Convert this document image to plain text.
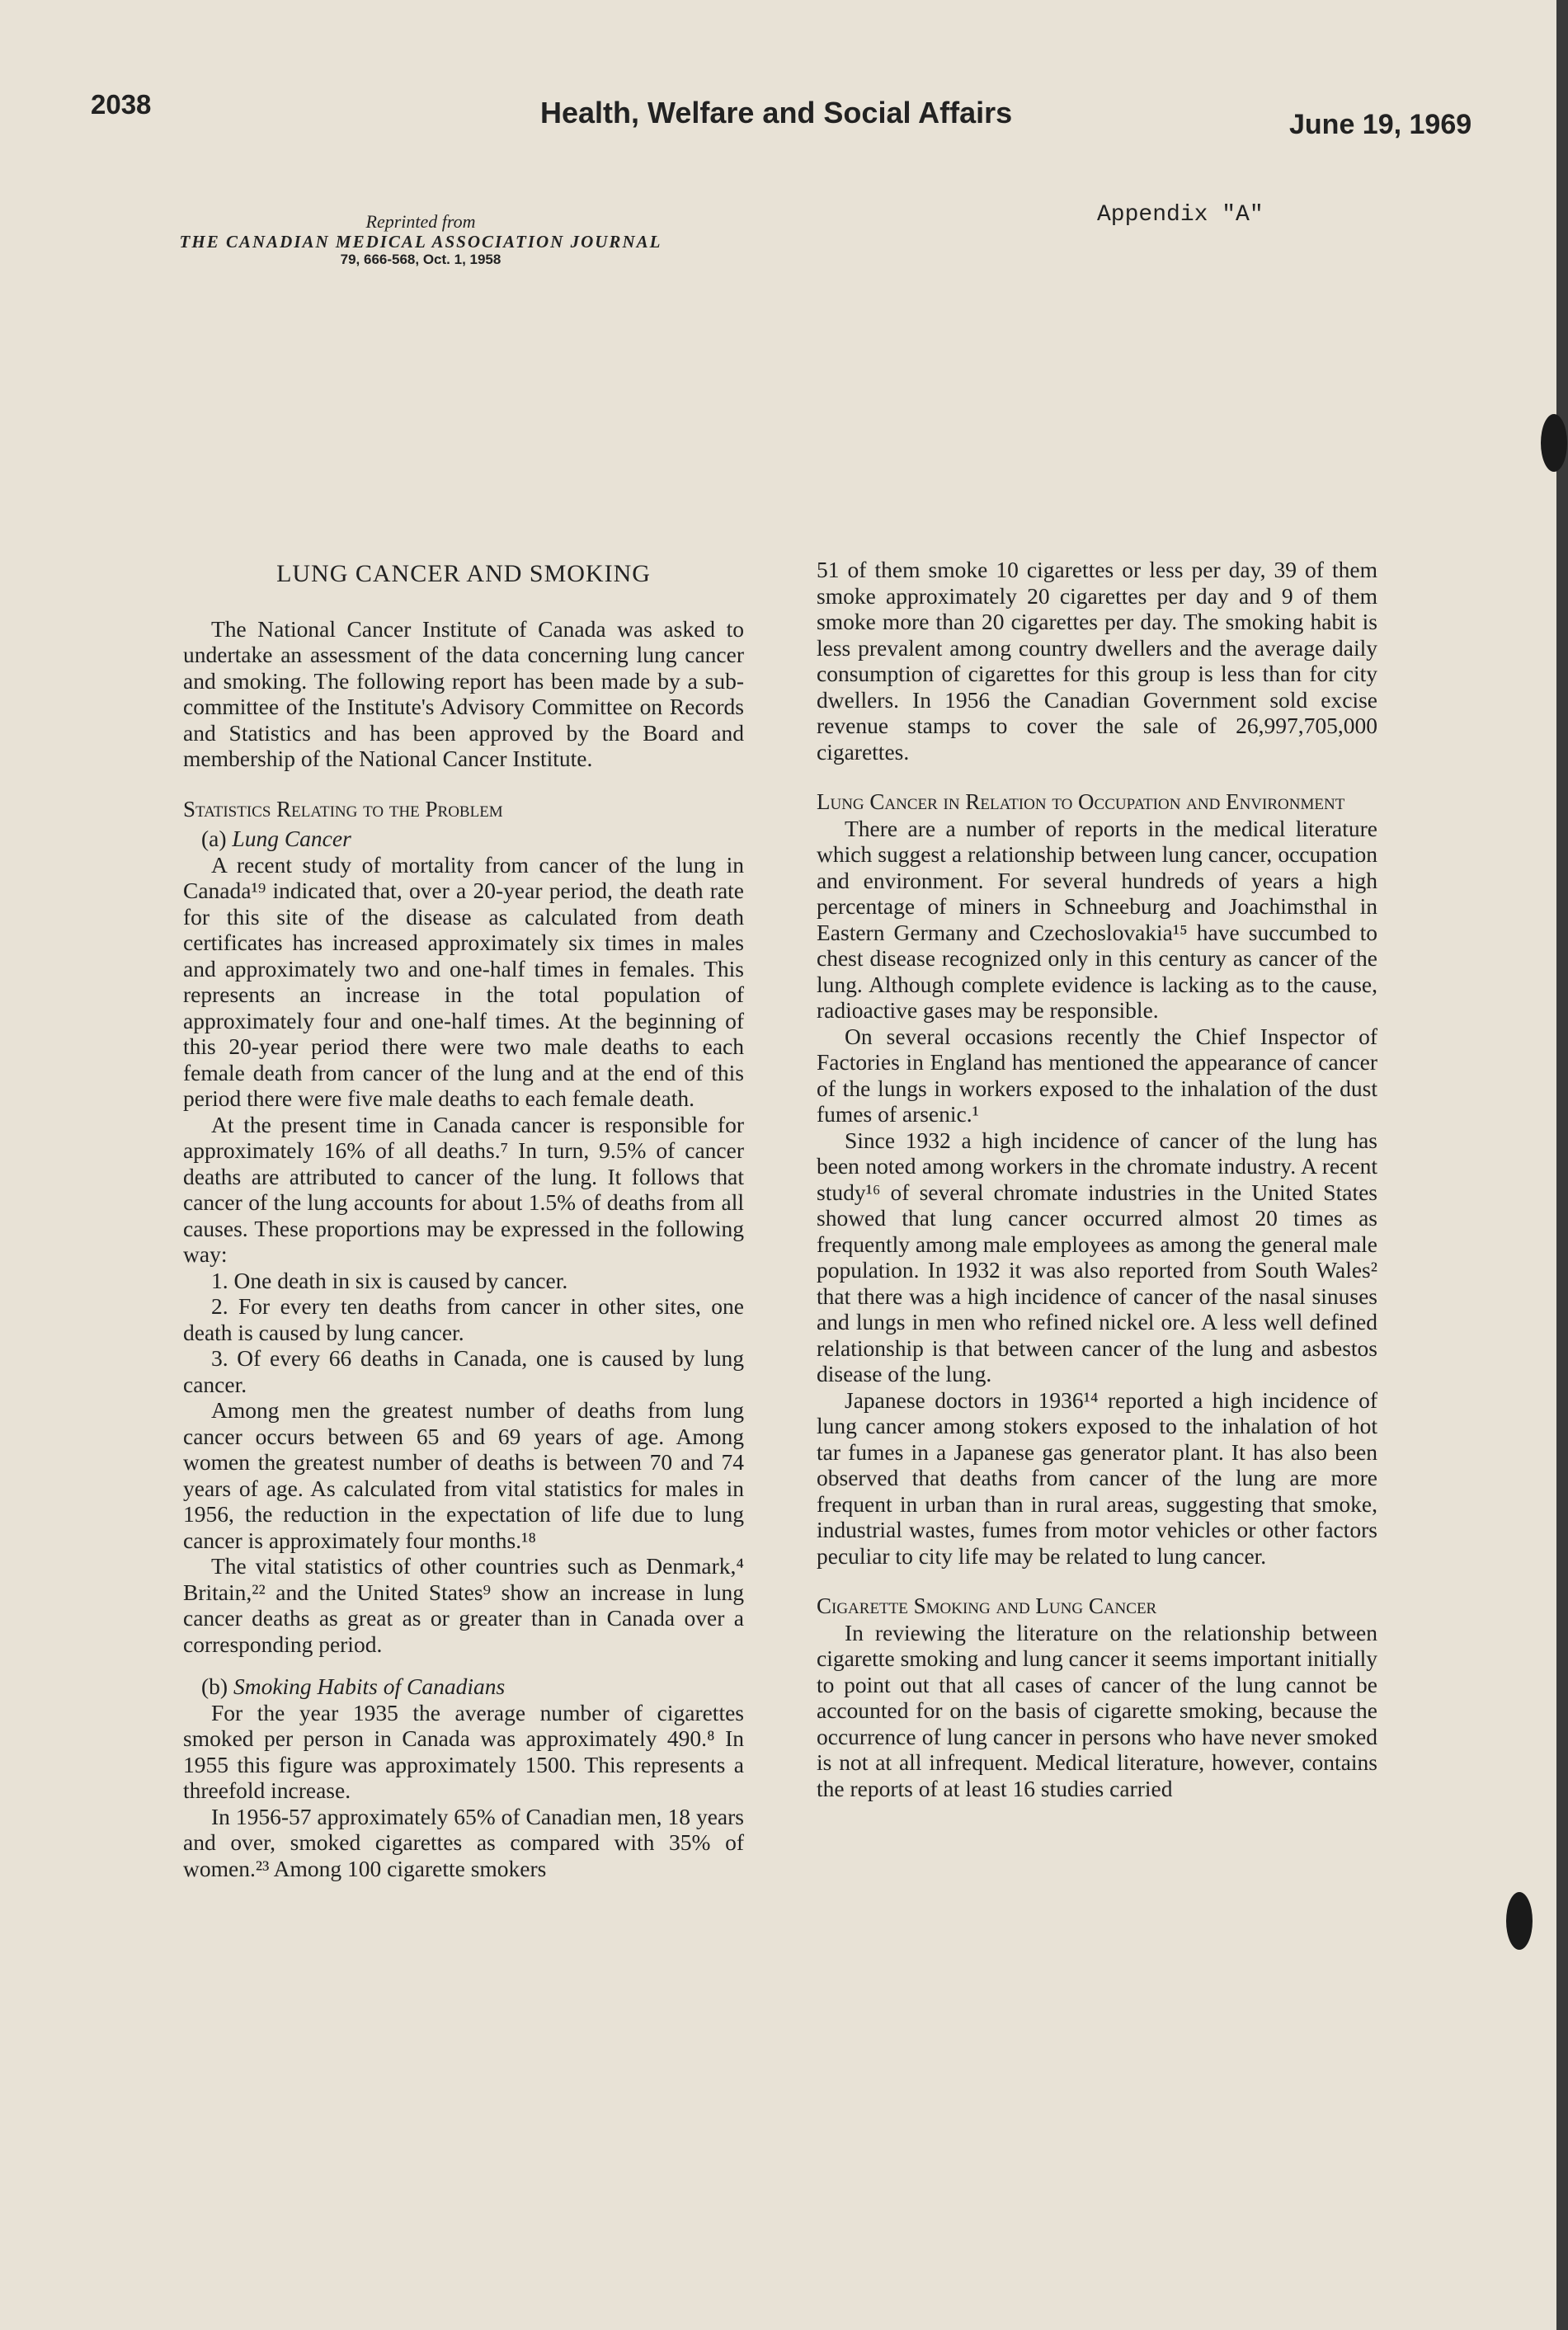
2038	Health, Welfare and Social Affairs	June 19, 1969
Reprinted from
THE CANADIAN MEDICAL ASSOCIATION JOURNAL
79, 666-568, Oct. 1, 1958
Appendix "A"

LUNG CANCER AND SMOKING

The National Cancer Institute of Canada was asked to undertake an assessment of the data concerning lung cancer and smoking. The following report has been made by a sub-committee of the Institute's Advisory Committee on Records and Statistics and has been approved by the Board and membership of the National Cancer Institute.

Statistics Relating to the Problem

(a) Lung Cancer

A recent study of mortality from cancer of the lung in Canada¹⁹ indicated that, over a 20-year period, the death rate for this site of the disease as calculated from death certificates has increased approximately six times in males and approximately two and one-half times in females. This represents an increase in the total population of approximately four and one-half times. At the beginning of this 20-year period there were two male deaths to each female death from cancer of the lung and at the end of this period there were five male deaths to each female death.

At the present time in Canada cancer is responsible for approximately 16% of all deaths.⁷ In turn, 9.5% of cancer deaths are attributed to cancer of the lung. It follows that cancer of the lung accounts for about 1.5% of deaths from all causes. These proportions may be expressed in the following way:

1. One death in six is caused by cancer.

2. For every ten deaths from cancer in other sites, one death is caused by lung cancer.

3. Of every 66 deaths in Canada, one is caused by lung cancer.

Among men the greatest number of deaths from lung cancer occurs between 65 and 69 years of age. Among women the greatest number of deaths is between 70 and 74 years of age. As calculated from vital statistics for males in 1956, the reduction in the expectation of life due to lung cancer is approximately four months.¹⁸

The vital statistics of other countries such as Denmark,⁴ Britain,²² and the United States⁹ show an increase in lung cancer deaths as great as or greater than in Canada over a corresponding period.

(b) Smoking Habits of Canadians

For the year 1935 the average number of cigarettes smoked per person in Canada was approximately 490.⁸ In 1955 this figure was approximately 1500. This represents a threefold increase.

In 1956-57 approximately 65% of Canadian men, 18 years and over, smoked cigarettes as compared with 35% of women.²³ Among 100 cigarette smokers

51 of them smoke 10 cigarettes or less per day, 39 of them smoke approximately 20 cigarettes per day and 9 of them smoke more than 20 cigarettes per day. The smoking habit is less prevalent among country dwellers and the average daily consumption of cigarettes for this group is less than for city dwellers. In 1956 the Canadian Government sold excise revenue stamps to cover the sale of 26,997,705,000 cigarettes.

Lung Cancer in Relation to Occupation and Environment

There are a number of reports in the medical literature which suggest a relationship between lung cancer, occupation and environment. For several hundreds of years a high percentage of miners in Schneeburg and Joachimsthal in Eastern Germany and Czechoslovakia¹⁵ have succumbed to chest disease recognized only in this century as cancer of the lung. Although complete evidence is lacking as to the cause, radioactive gases may be responsible.

On several occasions recently the Chief Inspector of Factories in England has mentioned the appearance of cancer of the lungs in workers exposed to the inhalation of the dust fumes of arsenic.¹

Since 1932 a high incidence of cancer of the lung has been noted among workers in the chromate industry. A recent study¹⁶ of several chromate industries in the United States showed that lung cancer occurred almost 20 times as frequently among male employees as among the general male population. In 1932 it was also reported from South Wales² that there was a high incidence of cancer of the nasal sinuses and lungs in men who refined nickel ore. A less well defined relationship is that between cancer of the lung and asbestos disease of the lung.

Japanese doctors in 1936¹⁴ reported a high incidence of lung cancer among stokers exposed to the inhalation of hot tar fumes in a Japanese gas generator plant. It has also been observed that deaths from cancer of the lung are more frequent in urban than in rural areas, suggesting that smoke, industrial wastes, fumes from motor vehicles or other factors peculiar to city life may be related to lung cancer.

Cigarette Smoking and Lung Cancer

In reviewing the literature on the relationship between cigarette smoking and lung cancer it seems important initially to point out that all cases of cancer of the lung cannot be accounted for on the basis of cigarette smoking, because the occurrence of lung cancer in persons who have never smoked is not at all infrequent. Medical literature, however, contains the reports of at least 16 studies carried
